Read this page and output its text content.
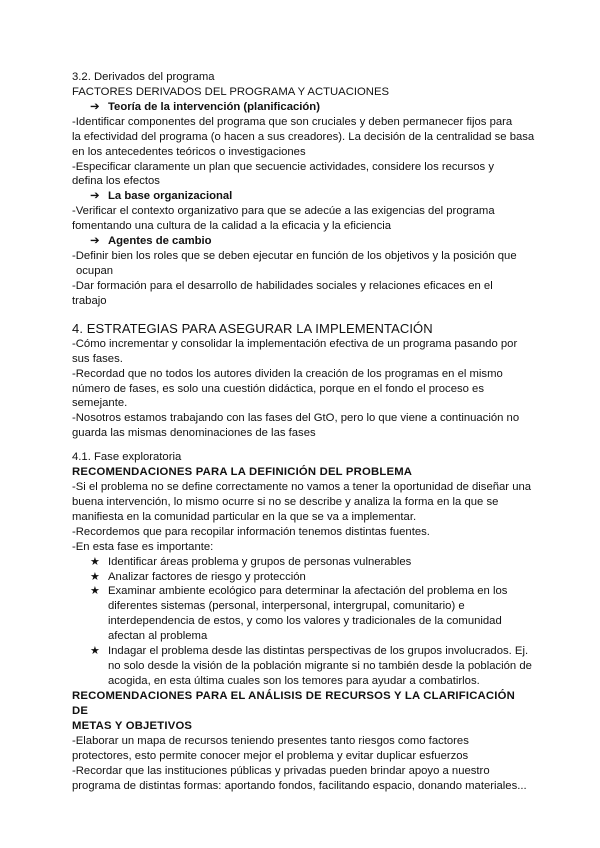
3.2. Derivados del programa
FACTORES DERIVADOS DEL PROGRAMA Y ACTUACIONES
➔ Teoría de la intervención (planificación)
-Identificar componentes del programa que son cruciales y deben permanecer fijos para
la efectividad del programa (o hacen a sus creadores). La decisión de la centralidad se basa
en los antecedentes teóricos o investigaciones
-Especificar claramente un plan que secuencie actividades, considere los recursos y
defina los efectos
➔ La base organizacional
-Verificar el contexto organizativo para que se adecúe a las exigencias del programa
fomentando una cultura de la calidad a la eficacia y la eficiencia
➔ Agentes de cambio
-Definir bien los roles que se deben ejecutar en función de los objetivos y la posición que
ocupan
-Dar formación para el desarrollo de habilidades sociales y relaciones eficaces en el
trabajo
4. ESTRATEGIAS PARA ASEGURAR LA IMPLEMENTACIÓN
-Cómo incrementar y consolidar la implementación efectiva de un programa pasando por
sus fases.
-Recordad que no todos los autores dividen la creación de los programas en el mismo
número de fases, es solo una cuestión didáctica, porque en el fondo el proceso es
semejante.
-Nosotros estamos trabajando con las fases del GtO, pero lo que viene a continuación no
guarda las mismas denominaciones de las fases
4.1. Fase exploratoria
RECOMENDACIONES PARA LA DEFINICIÓN DEL PROBLEMA
-Si el problema no se define correctamente no vamos a tener la oportunidad de diseñar una
buena intervención, lo mismo ocurre si no se describe y analiza la forma en la que se
manifiesta en la comunidad particular en la que se va a implementar.
-Recordemos que para recopilar información tenemos distintas fuentes.
-En esta fase es importante:
★ Identificar áreas problema y grupos de personas vulnerables
★ Analizar factores de riesgo y protección
★ Examinar ambiente ecológico para determinar la afectación del problema en los
diferentes sistemas (personal, interpersonal, intergrupal, comunitario) e
interdependencia de estos, y como los valores y tradicionales de la comunidad
afectan al problema
★ Indagar el problema desde las distintas perspectivas de los grupos involucrados. Ej.
no solo desde la visión de la población migrante si no también desde la población de
acogida, en esta última cuales son los temores para ayudar a combatirlos.
RECOMENDACIONES PARA EL ANÁLISIS DE RECURSOS Y LA CLARIFICACIÓN DE
METAS Y OBJETIVOS
-Elaborar un mapa de recursos teniendo presentes tanto riesgos como factores
protectores, esto permite conocer mejor el problema y evitar duplicar esfuerzos
-Recordar que las instituciones públicas y privadas pueden brindar apoyo a nuestro
programa de distintas formas: aportando fondos, facilitando espacio, donando materiales...
